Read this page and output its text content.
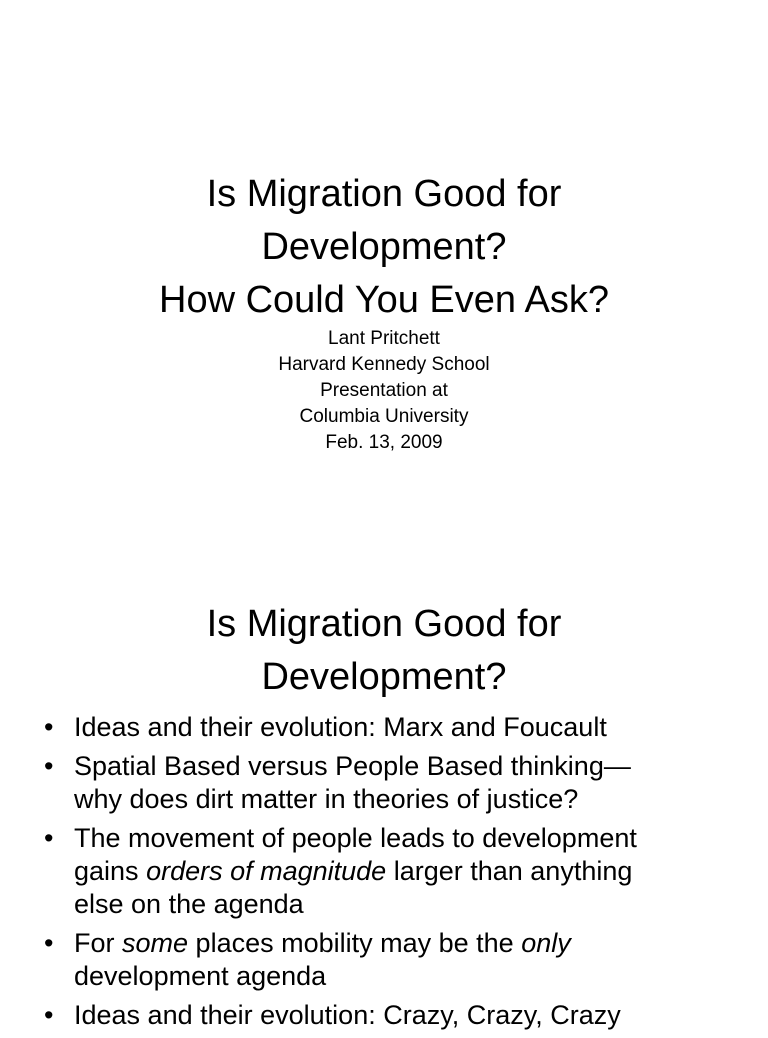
Is Migration Good for
Development?
How Could You Even Ask?
Lant Pritchett
Harvard Kennedy School
Presentation at
Columbia University
Feb. 13, 2009
Is Migration Good for
Development?
• Ideas and their evolution: Marx and Foucault
• Spatial Based versus People Based thinking—
why does dirt matter in theories of justice?
• The movement of people leads to development
gains orders of magnitude larger than anything
else on the agenda
• For some places mobility may be the only
development agenda
• Ideas and their evolution: Crazy, Crazy, Crazy
